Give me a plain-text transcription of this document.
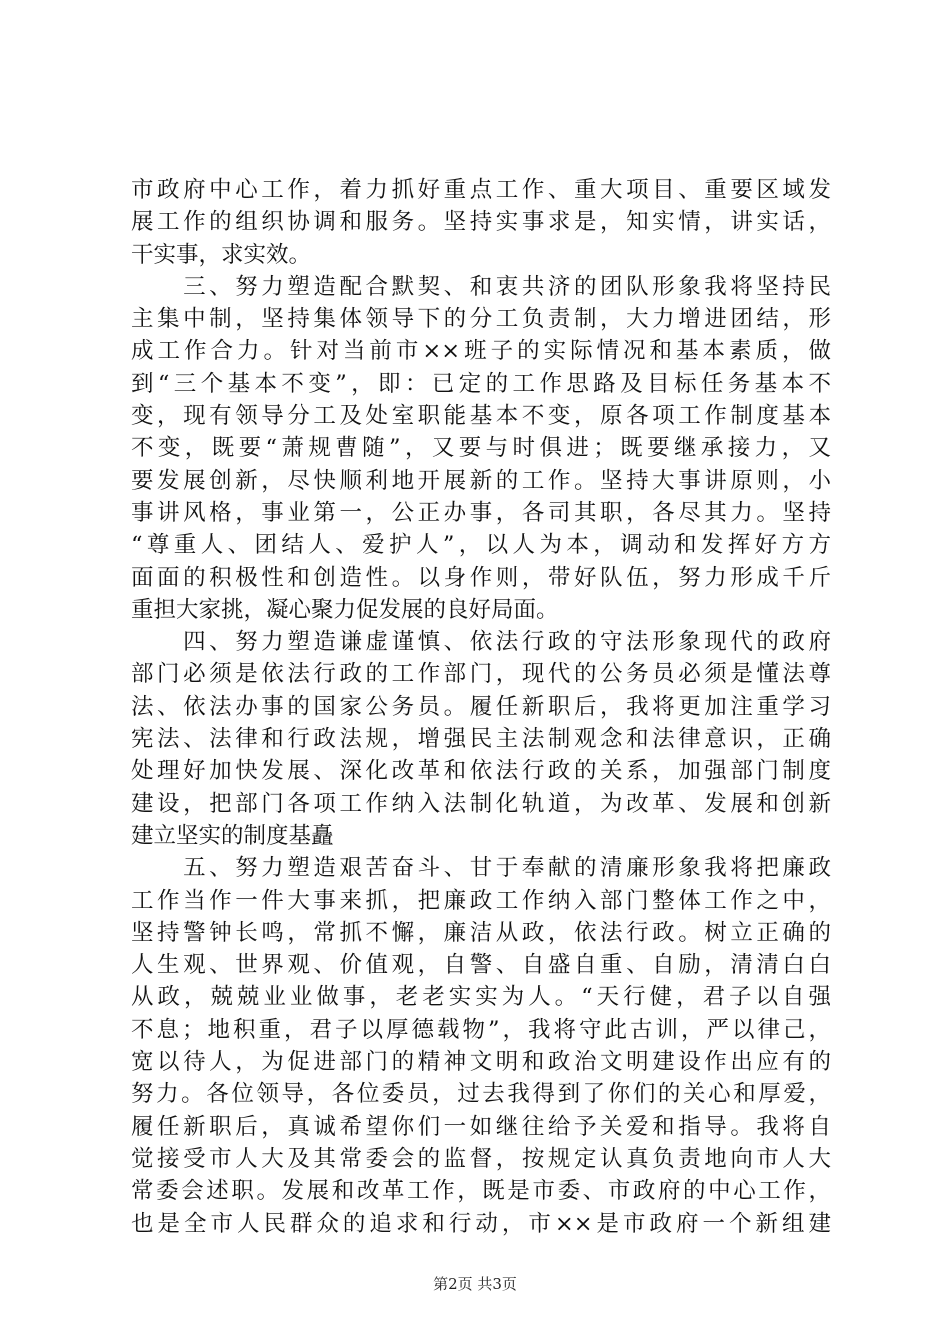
市政府中心工作，着力抓好重点工作、重大项目、重要区域发
展工作的组织协调和服务。坚持实事求是，知实情，讲实话，
干实事，求实效。
　　三、努力塑造配合默契、和衷共济的团队形象我将坚持民
主集中制，坚持集体领导下的分工负责制，大力增进团结，形
成工作合力。针对当前市××班子的实际情况和基本素质，做
到“三个基本不变”，即：已定的工作思路及目标任务基本不
变，现有领导分工及处室职能基本不变，原各项工作制度基本
不变，既要“萧规曹随”，又要与时俱进；既要继承接力，又
要发展创新，尽快顺利地开展新的工作。坚持大事讲原则，小
事讲风格，事业第一，公正办事，各司其职，各尽其力。坚持
“尊重人、团结人、爱护人”，以人为本，调动和发挥好方方
面面的积极性和创造性。以身作则，带好队伍，努力形成千斤
重担大家挑，凝心聚力促发展的良好局面。
　　四、努力塑造谦虚谨慎、依法行政的守法形象现代的政府
部门必须是依法行政的工作部门，现代的公务员必须是懂法尊
法、依法办事的国家公务员。履任新职后，我将更加注重学习
宪法、法律和行政法规，增强民主法制观念和法律意识，正确
处理好加快发展、深化改革和依法行政的关系，加强部门制度
建设，把部门各项工作纳入法制化轨道，为改革、发展和创新
建立坚实的制度基矗
　　五、努力塑造艰苦奋斗、甘于奉献的清廉形象我将把廉政
工作当作一件大事来抓，把廉政工作纳入部门整体工作之中，
坚持警钟长鸣，常抓不懈，廉洁从政，依法行政。树立正确的
人生观、世界观、价值观，自警、自盛自重、自励，清清白白
从政，兢兢业业做事，老老实实为人。“天行健，君子以自强
不息；地积重，君子以厚德载物”，我将守此古训，严以律己，
宽以待人，为促进部门的精神文明和政治文明建设作出应有的
努力。各位领导，各位委员，过去我得到了你们的关心和厚爱，
履任新职后，真诚希望你们一如继往给予关爱和指导。我将自
觉接受市人大及其常委会的监督，按规定认真负责地向市人大
常委会述职。发展和改革工作，既是市委、市政府的中心工作，
也是全市人民群众的追求和行动，市××是市政府一个新组建
第2页 共3页
